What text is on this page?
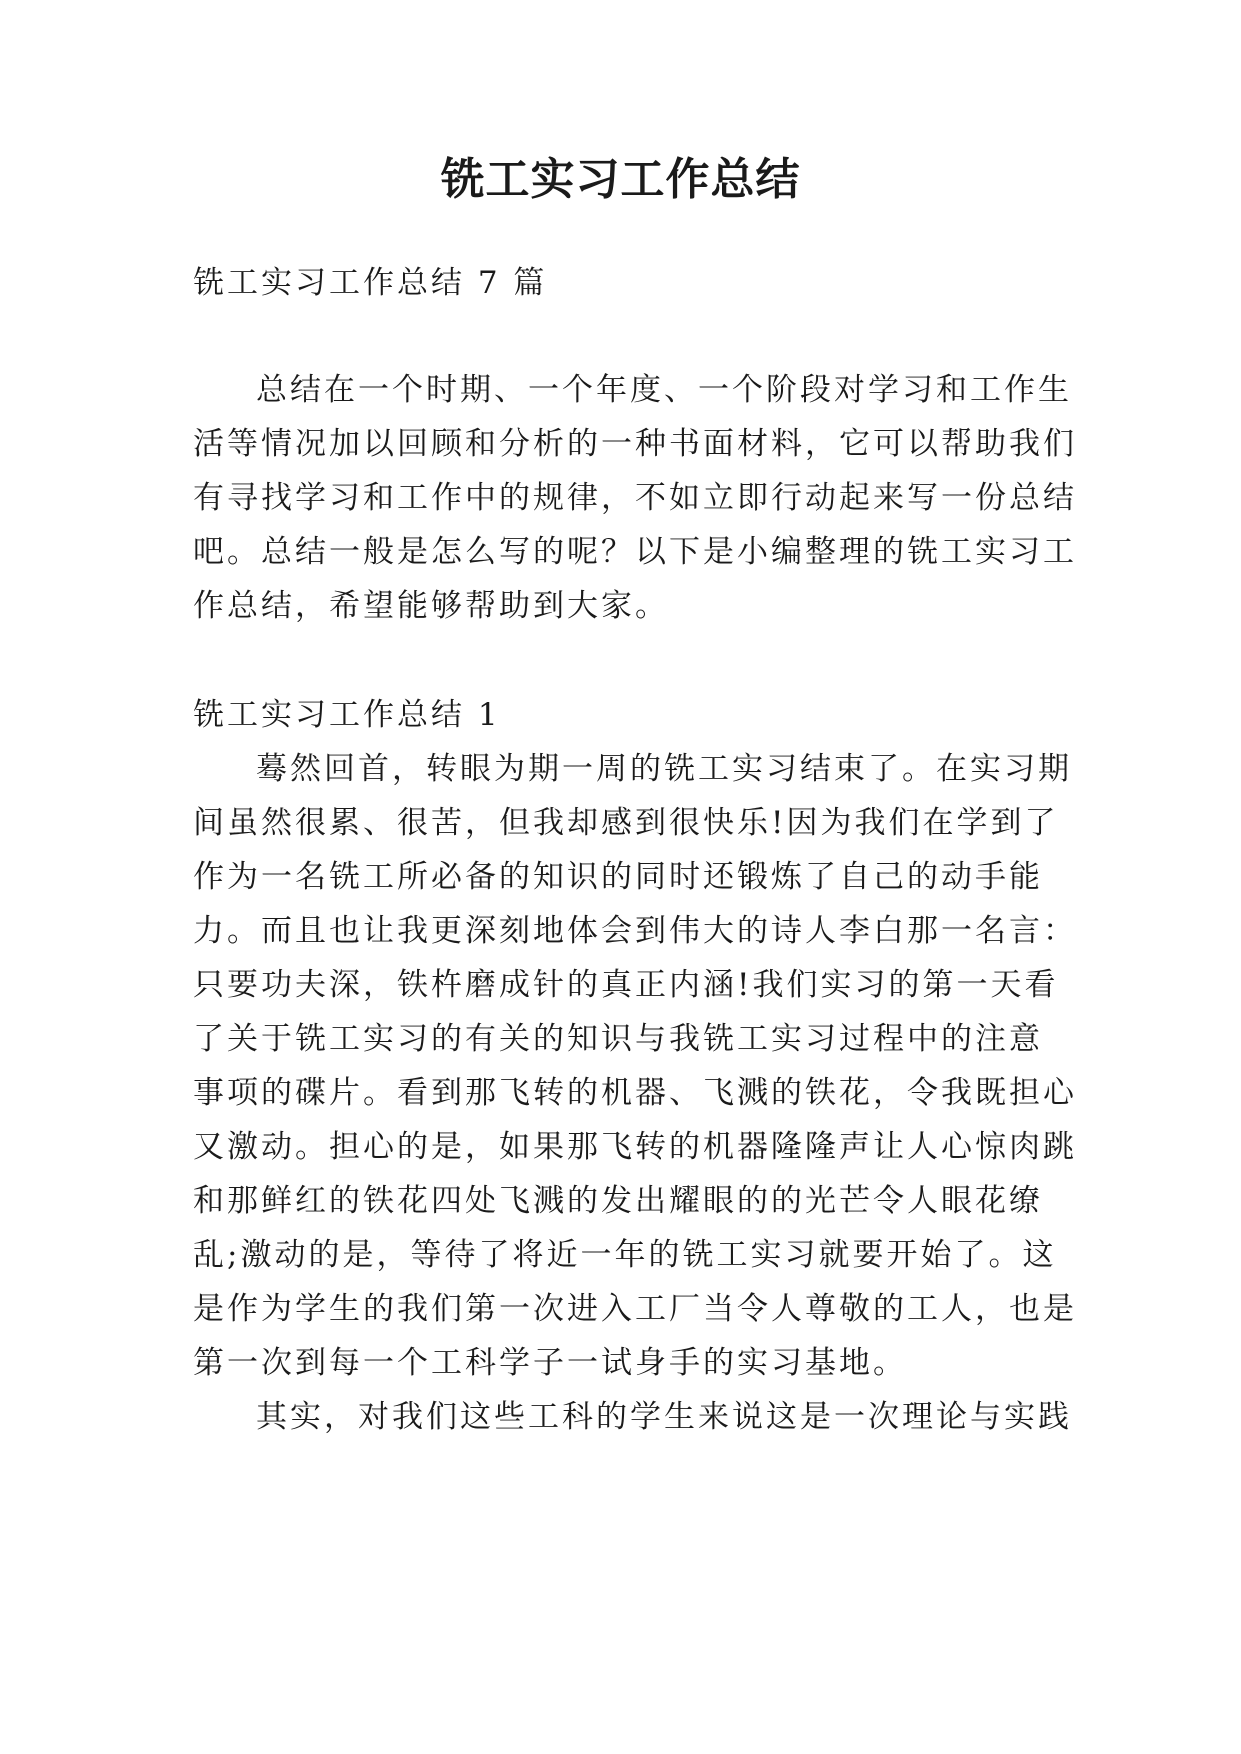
铣工实习工作总结
铣工实习工作总结 7 篇
总结在一个时期、一个年度、一个阶段对学习和工作生
活等情况加以回顾和分析的一种书面材料，它可以帮助我们
有寻找学习和工作中的规律，不如立即行动起来写一份总结
吧。总结一般是怎么写的呢？以下是小编整理的铣工实习工
作总结，希望能够帮助到大家。
铣工实习工作总结 1
蓦然回首，转眼为期一周的铣工实习结束了。在实习期
间虽然很累、很苦，但我却感到很快乐!因为我们在学到了
作为一名铣工所必备的知识的同时还锻炼了自己的动手能
力。而且也让我更深刻地体会到伟大的诗人李白那一名言：
只要功夫深，铁杵磨成针的真正内涵!我们实习的第一天看
了关于铣工实习的有关的知识与我铣工实习过程中的注意
事项的碟片。看到那飞转的机器、飞溅的铁花，令我既担心
又激动。担心的是，如果那飞转的机器隆隆声让人心惊肉跳
和那鲜红的铁花四处飞溅的发出耀眼的的光芒令人眼花缭
乱;激动的是，等待了将近一年的铣工实习就要开始了。这
是作为学生的我们第一次进入工厂当令人尊敬的工人，也是
第一次到每一个工科学子一试身手的实习基地。
其实，对我们这些工科的学生来说这是一次理论与实践
